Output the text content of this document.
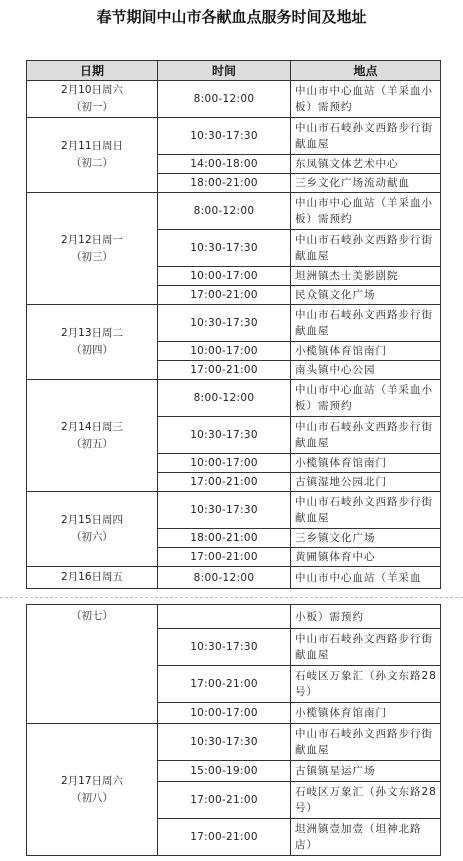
春节期间中山市各献血点服务时间及地址
日期	时间	地点
2月10日周六
（初一）	8:00-12:00	中山市中心血站（羊采血小板）需预约
2月11日周日
（初二）	10:30-17:30	中山市石岐孙文西路步行街献血屋
	14:00-18:00	东凤镇文体艺术中心
	18:00-21:00	三乡文化广场流动献血
2月12日周一
（初三）	8:00-12:00	中山市中心血站（羊采血小板）需预约
	10:30-17:30	中山市石岐孙文西路步行街献血屋
	10:00-17:00	坦洲镇杰士美影剧院
	17:00-21:00	民众镇文化广场
2月13日周二
（初四）	10:30-17:30	中山市石岐孙文西路步行街献血屋
	10:00-17:00	小榄镇体育馆南门
	17:00-21:00	南头镇中心公园
2月14日周三
（初五）	8:00-12:00	中山市中心血站（羊采血小板）需预约
	10:30-17:30	中山市石岐孙文西路步行街献血屋
	10:00-17:00	小榄镇体育馆南门
	17:00-21:00	古镇湿地公园北门
2月15日周四
（初六）	10:30-17:30	中山市石岐孙文西路步行街献血屋
	18:00-21:00	三乡镇文化广场
	17:00-21:00	黄圃镇体育中心
2月16日周五	8:00-12:00	中山市中心血站（羊采血
（初七）		小板）需预约
	10:30-17:30	中山市石岐孙文西路步行街献血屋
	17:00-21:00	石岐区万象汇（孙文东路28号）
	10:00-17:00	小榄镇体育馆南门
2月17日周六
（初八）	10:30-17:30	中山市石岐孙文西路步行街献血屋
	15:00-19:00	古镇镇星运广场
	17:00-21:00	石岐区万象汇（孙文东路28号）
	17:00-21:00	坦洲镇壹加壹（坦神北路店）
